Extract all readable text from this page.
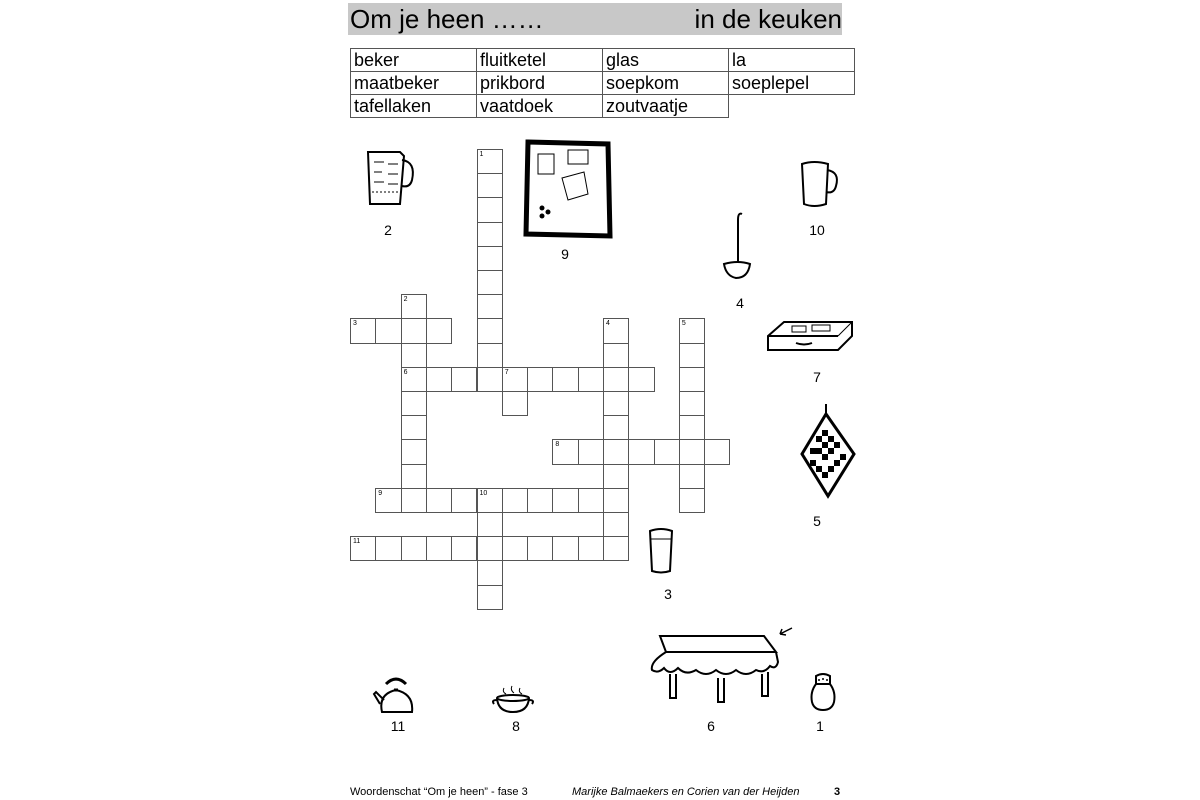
Om je heen ……	in de keuken
beker	fluitketel	glas	la
maatbeker	prikbord	soepkom	soeplepel
tafellaken	vaatdoek	zoutvaatje	
1
2
6
3	4	5
7
8
9	10
11
2
9
10
4
7
5
3
6	1
11	8
Woordenschat “Om je heen” - fase 3	Marijke Balmaekers en Corien van der Heijden	3
